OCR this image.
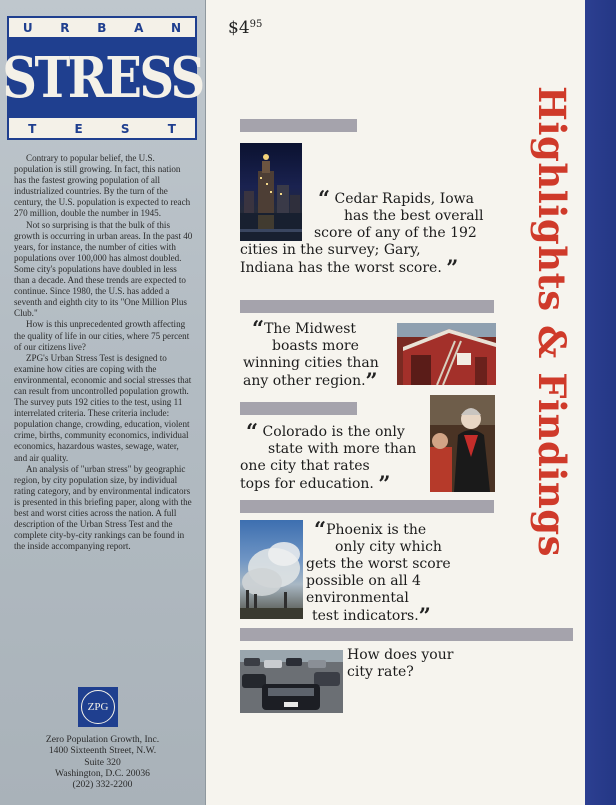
U R B A N
STRESS
T	E	S	T

Contrary to popular belief, the U.S. population is still growing. In fact, this nation has the fastest growing population of all industrialized countries. By the turn of the century, the U.S. population is expected to reach 270 million, double the number in 1945.

Not so surprising is that the bulk of this growth is occurring in urban areas. In the past 40 years, for instance, the number of cities with populations over 100,000 has almost doubled. Some city's populations have doubled in less than a decade. And these trends are expected to continue. Since 1980, the U.S. has added a seventh and eighth city to its "One Million Plus Club."

How is this unprecedented growth affecting the quality of life in our cities, where 75 percent of our citizens live?

ZPG's Urban Stress Test is designed to examine how cities are coping with the environmental, economic and social stresses that can result from uncontrolled population growth. The survey puts 192 cities to the test, using 11 interrelated criteria. These criteria include: population change, crowding, education, violent crime, births, community economics, individual economics, hazardous wastes, sewage, water, and air quality.

An analysis of "urban stress" by geographic region, by city population size, by individual rating category, and by environmental indicators is presented in this briefing paper, along with the best and worst cities across the nation. A full description of the Urban Stress Test and the complete city-by-city rankings can be found in the inside accompanying report.

ZPG
Zero Population Growth, Inc.
1400 Sixteenth Street, N.W.
Suite 320
Washington, D.C. 20036
(202) 332-2200
$\$4^{95}$
“ Cedar Rapids, Iowa
has the best overall
score of any of the 192
cities in the survey; Gary,
Indiana has the worst score. ”
“The Midwest
boasts more
winning cities than
any other region.”
“ Colorado is the only
state with more than
one city that rates
tops for education. ”
“Phoenix is the
only city which
gets the worst score
possible on all 4
environmental
test indicators.”
How does your
city rate?
Highlights & Findings
